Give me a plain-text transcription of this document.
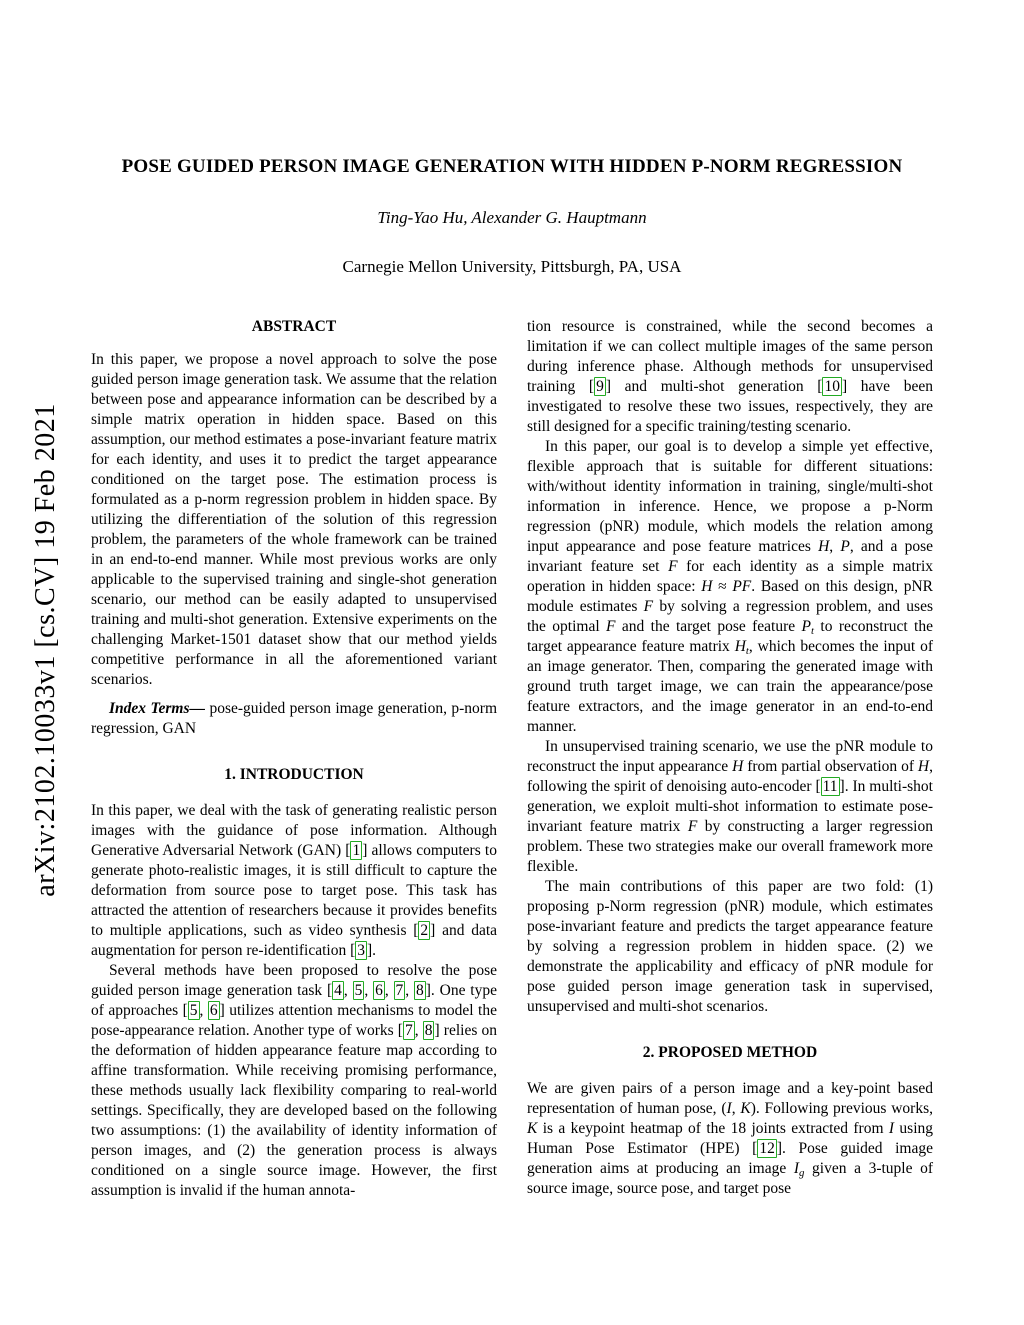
arXiv:2102.10033v1 [cs.CV] 19 Feb 2021
POSE GUIDED PERSON IMAGE GENERATION WITH HIDDEN P-NORM REGRESSION
Ting-Yao Hu, Alexander G. Hauptmann
Carnegie Mellon University, Pittsburgh, PA, USA
ABSTRACT

In this paper, we propose a novel approach to solve the pose guided person image generation task. We assume that the relation between pose and appearance information can be described by a simple matrix operation in hidden space. Based on this assumption, our method estimates a pose-invariant feature matrix for each identity, and uses it to predict the target appearance conditioned on the target pose. The estimation process is formulated as a p-norm regression problem in hidden space. By utilizing the differentiation of the solution of this regression problem, the parameters of the whole framework can be trained in an end-to-end manner. While most previous works are only applicable to the supervised training and single-shot generation scenario, our method can be easily adapted to unsupervised training and multi-shot generation. Extensive experiments on the challenging Market-1501 dataset show that our method yields competitive performance in all the aforementioned variant scenarios.

Index Terms— pose-guided person image generation, p-norm regression, GAN

1. INTRODUCTION

In this paper, we deal with the task of generating realistic person images with the guidance of pose information. Although Generative Adversarial Network (GAN) [ 1 ] allows computers to generate photo-realistic images, it is still difficult to capture the deformation from source pose to target pose. This task has attracted the attention of researchers because it provides benefits to multiple applications, such as video synthesis [ 2 ] and data augmentation for person re-identification [ 3 ].

Several methods have been proposed to resolve the pose guided person image generation task [ 4 , 5 , 6 , 7 , 8 ]. One type of approaches [ 5 , 6 ] utilizes attention mechanisms to model the pose-appearance relation. Another type of works [ 7 , 8 ] relies on the deformation of hidden appearance feature map according to affine transformation. While receiving promising performance, these methods usually lack flexibility comparing to real-world settings. Specifically, they are developed based on the following two assumptions: (1) the availability of identity information of person images, and (2) the generation process is always conditioned on a single source image. However, the first assumption is invalid if the human annota-

tion resource is constrained, while the second becomes a limitation if we can collect multiple images of the same person during inference phase. Although methods for unsupervised training [ 9 ] and multi-shot generation [ 10 ] have been investigated to resolve these two issues, respectively, they are still designed for a specific training/testing scenario.

In this paper, our goal is to develop a simple yet effective, flexible approach that is suitable for different situations: with/without identity information in training, single/multi-shot information in inference. Hence, we propose a p-Norm regression (pNR) module, which models the relation among input appearance and pose feature matrices H, P, and a pose invariant feature set F for each identity as a simple matrix operation in hidden space: H ≈ PF. Based on this design, pNR module estimates F by solving a regression problem, and uses the optimal F and the target pose feature $P_t$ to reconstruct the target appearance feature matrix $H_t$, which becomes the input of an image generator. Then, comparing the generated image with ground truth target image, we can train the appearance/pose feature extractors, and the image generator in an end-to-end manner.

In unsupervised training scenario, we use the pNR module to reconstruct the input appearance H from partial observation of H, following the spirit of denoising auto-encoder [ 11 ]. In multi-shot generation, we exploit multi-shot information to estimate pose-invariant feature matrix F by constructing a larger regression problem. These two strategies make our overall framework more flexible.

The main contributions of this paper are two fold: (1) proposing p-Norm regression (pNR) module, which estimates pose-invariant feature and predicts the target appearance feature by solving a regression problem in hidden space. (2) we demonstrate the applicability and efficacy of pNR module for pose guided person image generation task in supervised, unsupervised and multi-shot scenarios.

2. PROPOSED METHOD

We are given pairs of a person image and a key-point based representation of human pose, (I, K). Following previous works, K is a keypoint heatmap of the 18 joints extracted from I using Human Pose Estimator (HPE) [ 12 ]. Pose guided image generation aims at producing an image $I_g$ given a 3-tuple of source image, source pose, and target pose
